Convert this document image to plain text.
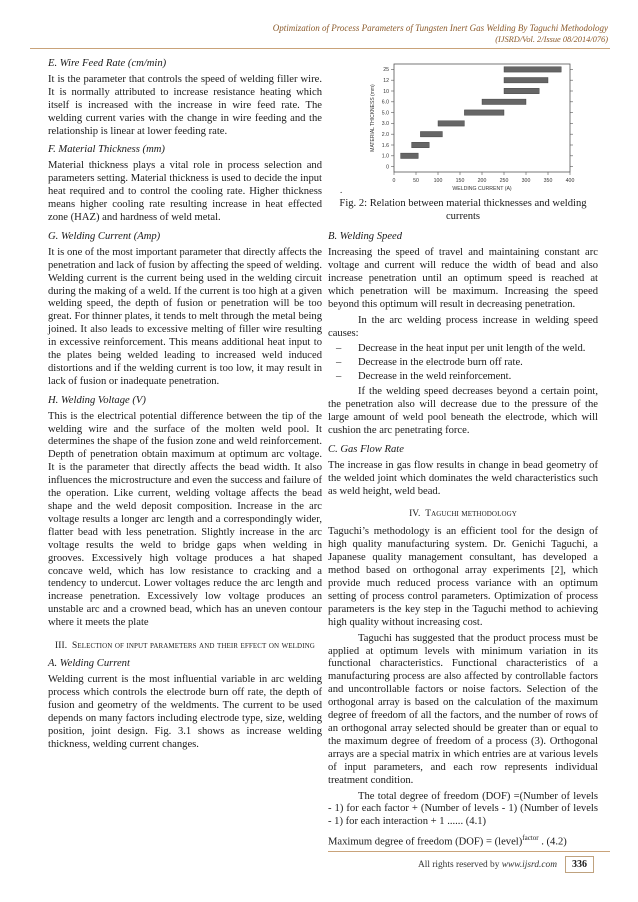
Optimization of Process Parameters of Tungsten Inert Gas Welding By Taguchi Methodology
(IJSRD/Vol. 2/Issue 08/2014/076)
E. Wire Feed Rate (cm/min)

It is the parameter that controls the speed of welding filler wire. It is normally attributed to increase resistance heating which itself is increased with the increase in wire feed rate. The welding current varies with the change in wire feeding and the relationship is linear at lower feeding rate.

F. Material Thickness (mm)

Material thickness plays a vital role in process selection and parameters setting. Material thickness is used to decide the input heat required and to control the cooling rate. Higher thickness means higher cooling rate resulting increase in heat effected zone (HAZ) and hardness of weld metal.

G. Welding Current (Amp)

It is one of the most important parameter that directly affects the penetration and lack of fusion by affecting the speed of welding. Welding current is the current being used in the welding circuit during the making of a weld. If the current is too high at a given welding speed, the depth of fusion or penetration will be too great. For thinner plates, it tends to melt through the metal being joined. It also leads to excessive melting of filler wire resulting in excessive reinforcement. This means additional heat input to the plates being welded leading to increased weld induced distortions and if the welding current is too low, it may result in lack of fusion or inadequate penetration.

H. Welding Voltage (V)

This is the electrical potential difference between the tip of the welding wire and the surface of the molten weld pool. It determines the shape of the fusion zone and weld reinforcement. Depth of penetration obtain maximum at optimum arc voltage. It is the parameter that directly affects the bead width. It also influences the microstructure and even the success and failure of the operation. Like current, welding voltage affects the bead shape and the weld deposit composition. Increase in the arc voltage results a longer arc length and a correspondingly wider, flatter bead with less penetration. Slightly increase in the arc voltage results the weld to bridge gaps when welding in grooves. Excessively high voltage produces a hat shaped concave weld, which has low resistance to cracking and a tendency to undercut. Lower voltages reduce the arc length and increase penetration. Excessively low voltage produces an unstable arc and a crowned bead, which has an uneven contour where it meets the plate

III. Selection of input parameters and their effect on welding
A. Welding Current

Welding current is the most influential variable in arc welding process which controls the electrode burn off rate, the depth of fusion and geometry of the weldments. The current to be used depends on many factors including electrode type, size, welding position, joint design. Fig. 3.1 shows as increase welding thickness, welding current changes.

0	50	100	150	200	250	300	350	400
0
1.0
1.6
2.0
3.0
5.0
6.0
10
12
25
WELDING CURRENT (A)
MATERIAL THICKNESS (mm)
.
Fig. 2: Relation between material thicknesses and welding currents
B. Welding Speed

Increasing the speed of travel and maintaining constant arc voltage and current will reduce the width of bead and also increase penetration until an optimum speed is reached at which penetration will be maximum. Increasing the speed beyond this optimum will result in decreasing penetration.

In the arc welding process increase in welding speed causes:

– Decrease in the heat input per unit length of the weld.
– Decrease in the electrode burn off rate.
– Decrease in the weld reinforcement.

If the welding speed decreases beyond a certain point, the penetration also will decrease due to the pressure of the large amount of weld pool beneath the electrode, which will cushion the arc penetrating force.

C. Gas Flow Rate

The increase in gas flow results in change in bead geometry of the welded joint which dominates the weld characteristics such as weld height, weld bead.

IV. Taguchi methodology

Taguchi’s methodology is an efficient tool for the design of high quality manufacturing system. Dr. Genichi Taguchi, a Japanese quality management consultant, has developed a method based on orthogonal array experiments [2], which provide much reduced process variance with an optimum setting of process control parameters. Optimization of process parameters is the key step in the Taguchi method to achieving high quality without increasing cost.

Taguchi has suggested that the product process must be applied at optimum levels with minimum variation in its functional characteristics. Functional characteristics of a manufacturing process are also affected by controllable factors and uncontrollable factors or noise factors. Selection of the orthogonal array is based on the calculation of the maximum degree of freedom of all the factors, and the number of rows of an orthogonal array selected should be greater than or equal to the maximum degree of freedom of a process (3). Orthogonal arrays are a special matrix in which entries are at various levels of input parameters, and each row represents individual treatment condition.

The total degree of freedom (DOF) =(Number of levels - 1) for each factor + (Number of levels - 1) (Number of levels - 1) for each interaction + 1 ...... (4.1)

Maximum degree of freedom (DOF) = (level)$^{factor}$ . (4.2)

All rights reserved by
www.ijsrd.com	336
